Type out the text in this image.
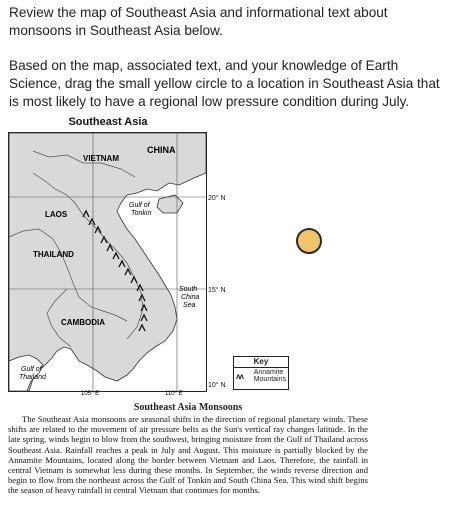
Review the map of Southeast Asia and informational text about monsoons in Southeast Asia below.

Based on the map, associated text, and your knowledge of Earth Science, drag the small yellow circle to a location in Southeast Asia that is most likely to have a regional low pressure condition during July.

Southeast Asia
CHINA
VIETNAM
LAOS
THAILAND
CAMBODIA
Gulf of
Tonkin
South
China
Sea
Gulf of
Thailand
105° E	110° E
20° N
15° N
10° N
Key
ʌʌ	Annamite
Mountains
Southeast Asia Monsoons

The Southeast Asia monsoons are seasonal shifts in the direction of regional planetary winds. These shifts are related to the movement of air pressure belts as the Sun's vertical ray changes latitude. In the late spring, winds begin to blow from the southwest, bringing moisture from the Gulf of Thailand across Southeast Asia. Rainfall reaches a peak in July and August. This moisture is partially blocked by the Annamite Mountains, located along the border between Vietnam and Laos. Therefore, the rainfall in central Vietnam is somewhat less during these months. In September, the winds reverse direction and begin to flow from the northeast across the Gulf of Tonkin and South China Sea. This wind shift begins the season of heavy rainfall in central Vietnam that continues for months.
